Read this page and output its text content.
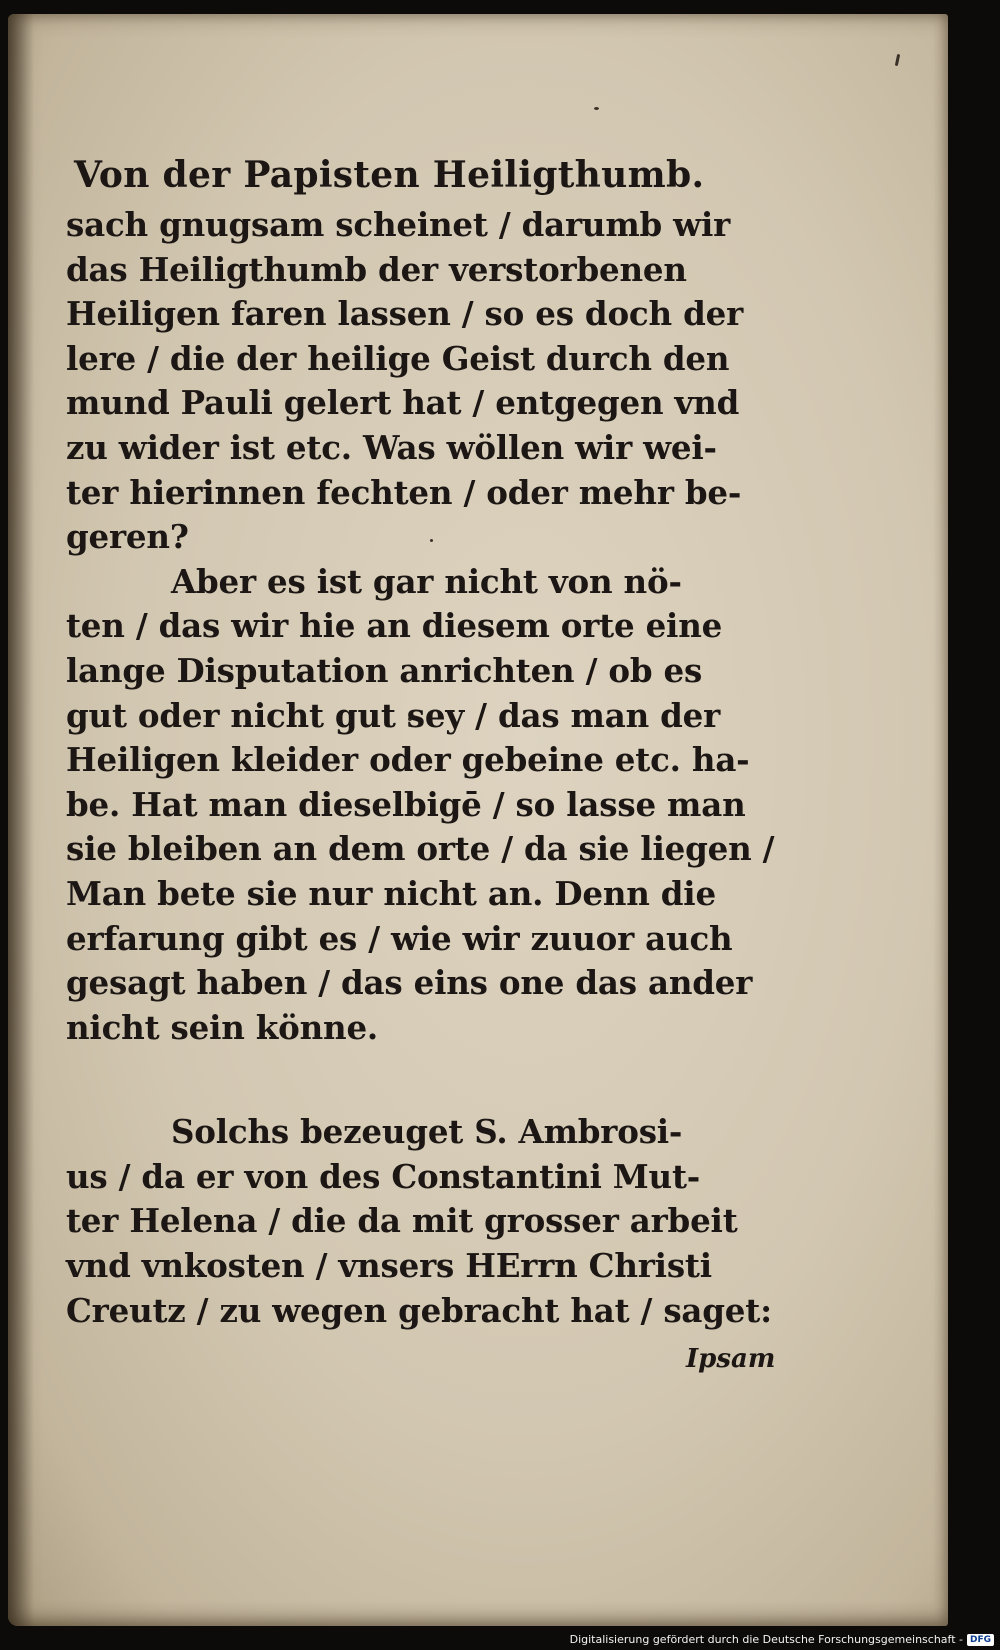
Von der Papisten Heiligthumb.
sach gnugsam scheinet / darumb wir
das Heiligthumb der verstorbenen
Heiligen faren lassen / so es doch der
lere / die der heilige Geist durch den
mund Pauli gelert hat / entgegen vnd
zu wider ist etc. Was wöllen wir wei-
ter hierinnen fechten / oder mehr be-
geren?
Aber es ist gar nicht von nö-
ten / das wir hie an diesem orte eine
lange Disputation anrichten / ob es
gut oder nicht gut sey / das man der
Heiligen kleider oder gebeine etc. ha-
be. Hat man dieselbigē / so lasse man
sie bleiben an dem orte / da sie liegen /
Man bete sie nur nicht an. Denn die
erfarung gibt es / wie wir zuuor auch
gesagt haben / das eins one das ander
nicht sein könne.
Solchs bezeuget S. Ambrosi-
us / da er von des Constantini Mut-
ter Helena / die da mit grosser arbeit
vnd vnkosten / vnsers HErrn Christi
Creutz / zu wegen gebracht hat / saget:
Ipsam
Digitalisierung gefördert durch die Deutsche Forschungsgemeinschaft - DFG
